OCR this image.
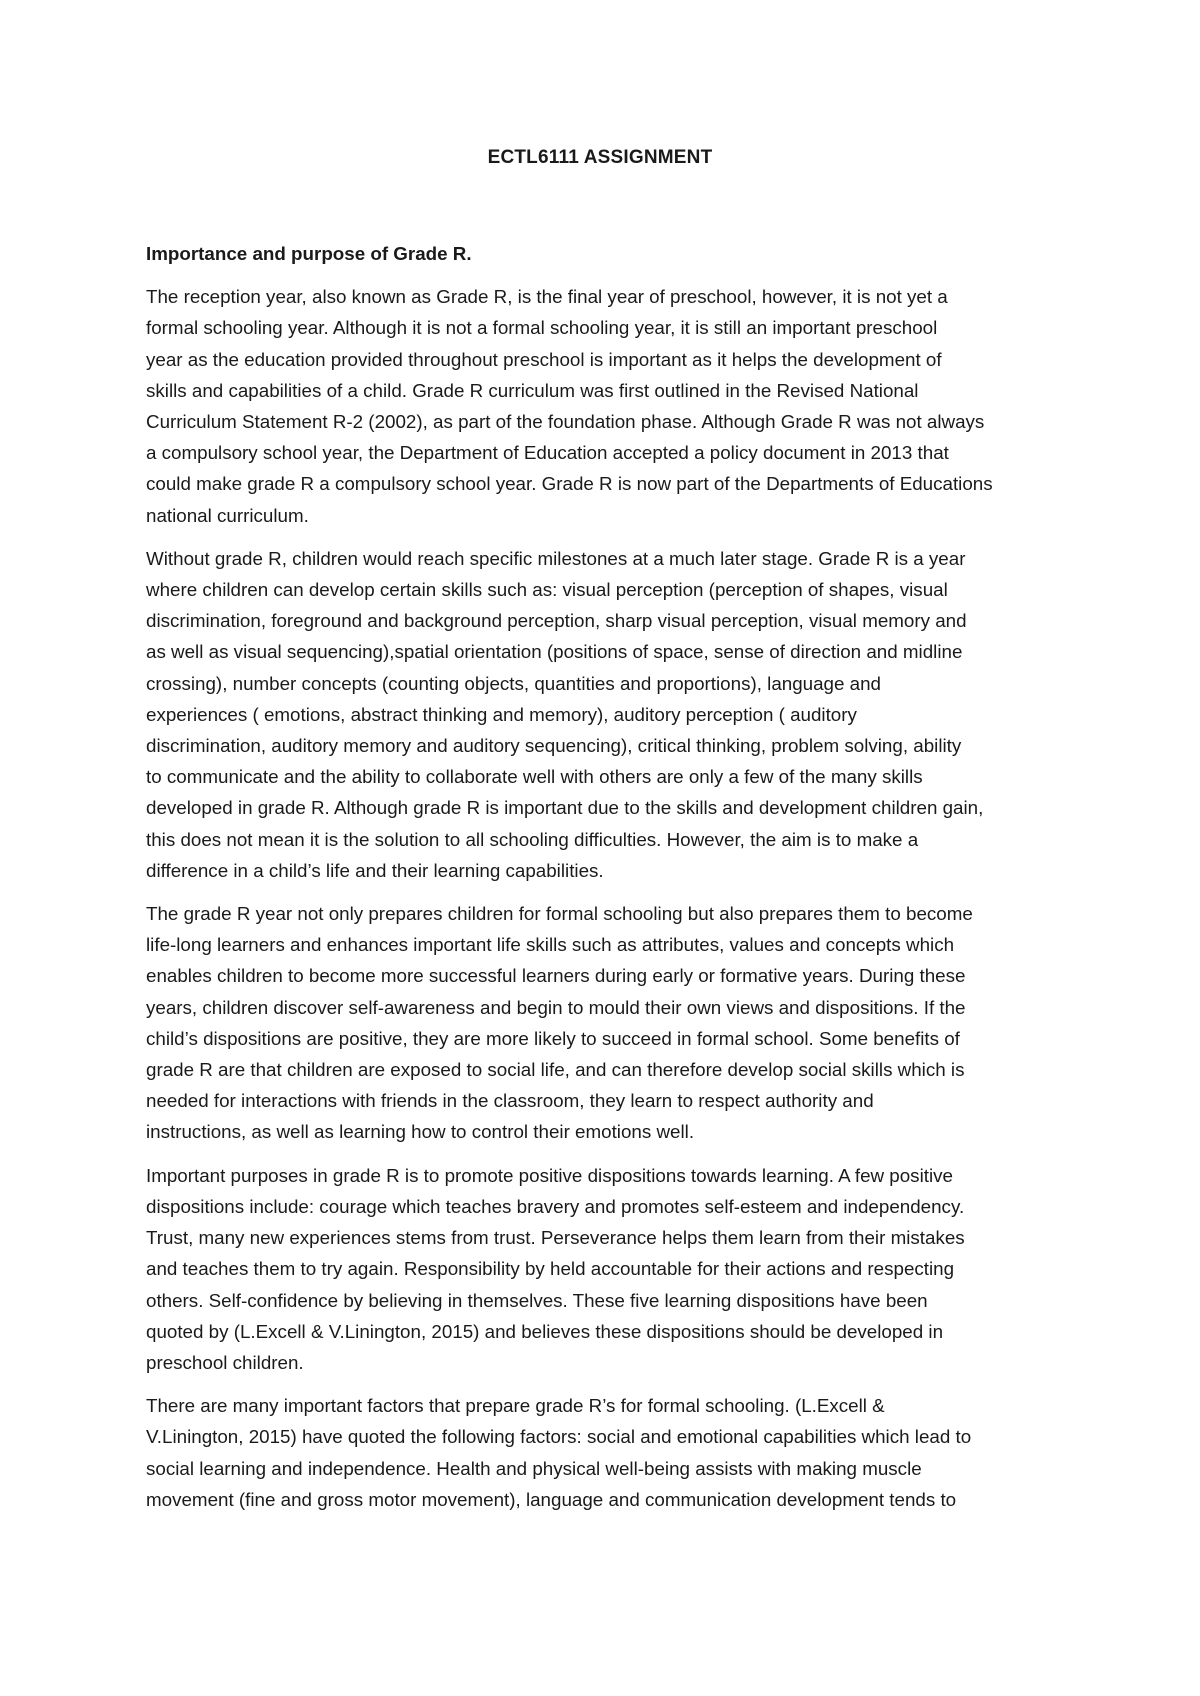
ECTL6111 ASSIGNMENT
Importance and purpose of Grade R.
The reception year, also known as Grade R, is the final year of preschool, however, it is not yet a
formal schooling year. Although it is not a formal schooling year, it is still an important preschool
year as the education provided throughout preschool is important as it helps the development of
skills and capabilities of a child. Grade R curriculum was first outlined in the Revised National
Curriculum Statement R-2 (2002), as part of the foundation phase. Although Grade R was not always
a compulsory school year, the Department of Education accepted a policy document in 2013 that
could make grade R a compulsory school year. Grade R is now part of the Departments of Educations
national curriculum.
Without grade R, children would reach specific milestones at a much later stage. Grade R is a year
where children can develop certain skills such as: visual perception (perception of shapes, visual
discrimination, foreground and background perception, sharp visual perception, visual memory and
as well as visual sequencing),spatial orientation (positions of space, sense of direction and midline
crossing), number concepts (counting objects, quantities and proportions), language and
experiences ( emotions, abstract thinking and memory), auditory perception ( auditory
discrimination, auditory memory and auditory sequencing), critical thinking, problem solving, ability
to communicate and the ability to collaborate well with others are only a few of the many skills
developed in grade R. Although grade R is important due to the skills and development children gain,
this does not mean it is the solution to all schooling difficulties. However, the aim is to make a
difference in a child’s life and their learning capabilities.
The grade R year not only prepares children for formal schooling but also prepares them to become
life-long learners and enhances important life skills such as attributes, values and concepts which
enables children to become more successful learners during early or formative years. During these
years, children discover self-awareness and begin to mould their own views and dispositions. If the
child’s dispositions are positive, they are more likely to succeed in formal school. Some benefits of
grade R are that children are exposed to social life, and can therefore develop social skills which is
needed for interactions with friends in the classroom, they learn to respect authority and
instructions, as well as learning how to control their emotions well.
Important purposes in grade R is to promote positive dispositions towards learning. A few positive
dispositions include: courage which teaches bravery and promotes self-esteem and independency.
Trust, many new experiences stems from trust. Perseverance helps them learn from their mistakes
and teaches them to try again. Responsibility by held accountable for their actions and respecting
others. Self-confidence by believing in themselves. These five learning dispositions have been
quoted by (L.Excell & V.Linington, 2015) and believes these dispositions should be developed in
preschool children.
There are many important factors that prepare grade R’s for formal schooling. (L.Excell &
V.Linington, 2015) have quoted the following factors: social and emotional capabilities which lead to
social learning and independence. Health and physical well-being assists with making muscle
movement (fine and gross motor movement), language and communication development tends to
